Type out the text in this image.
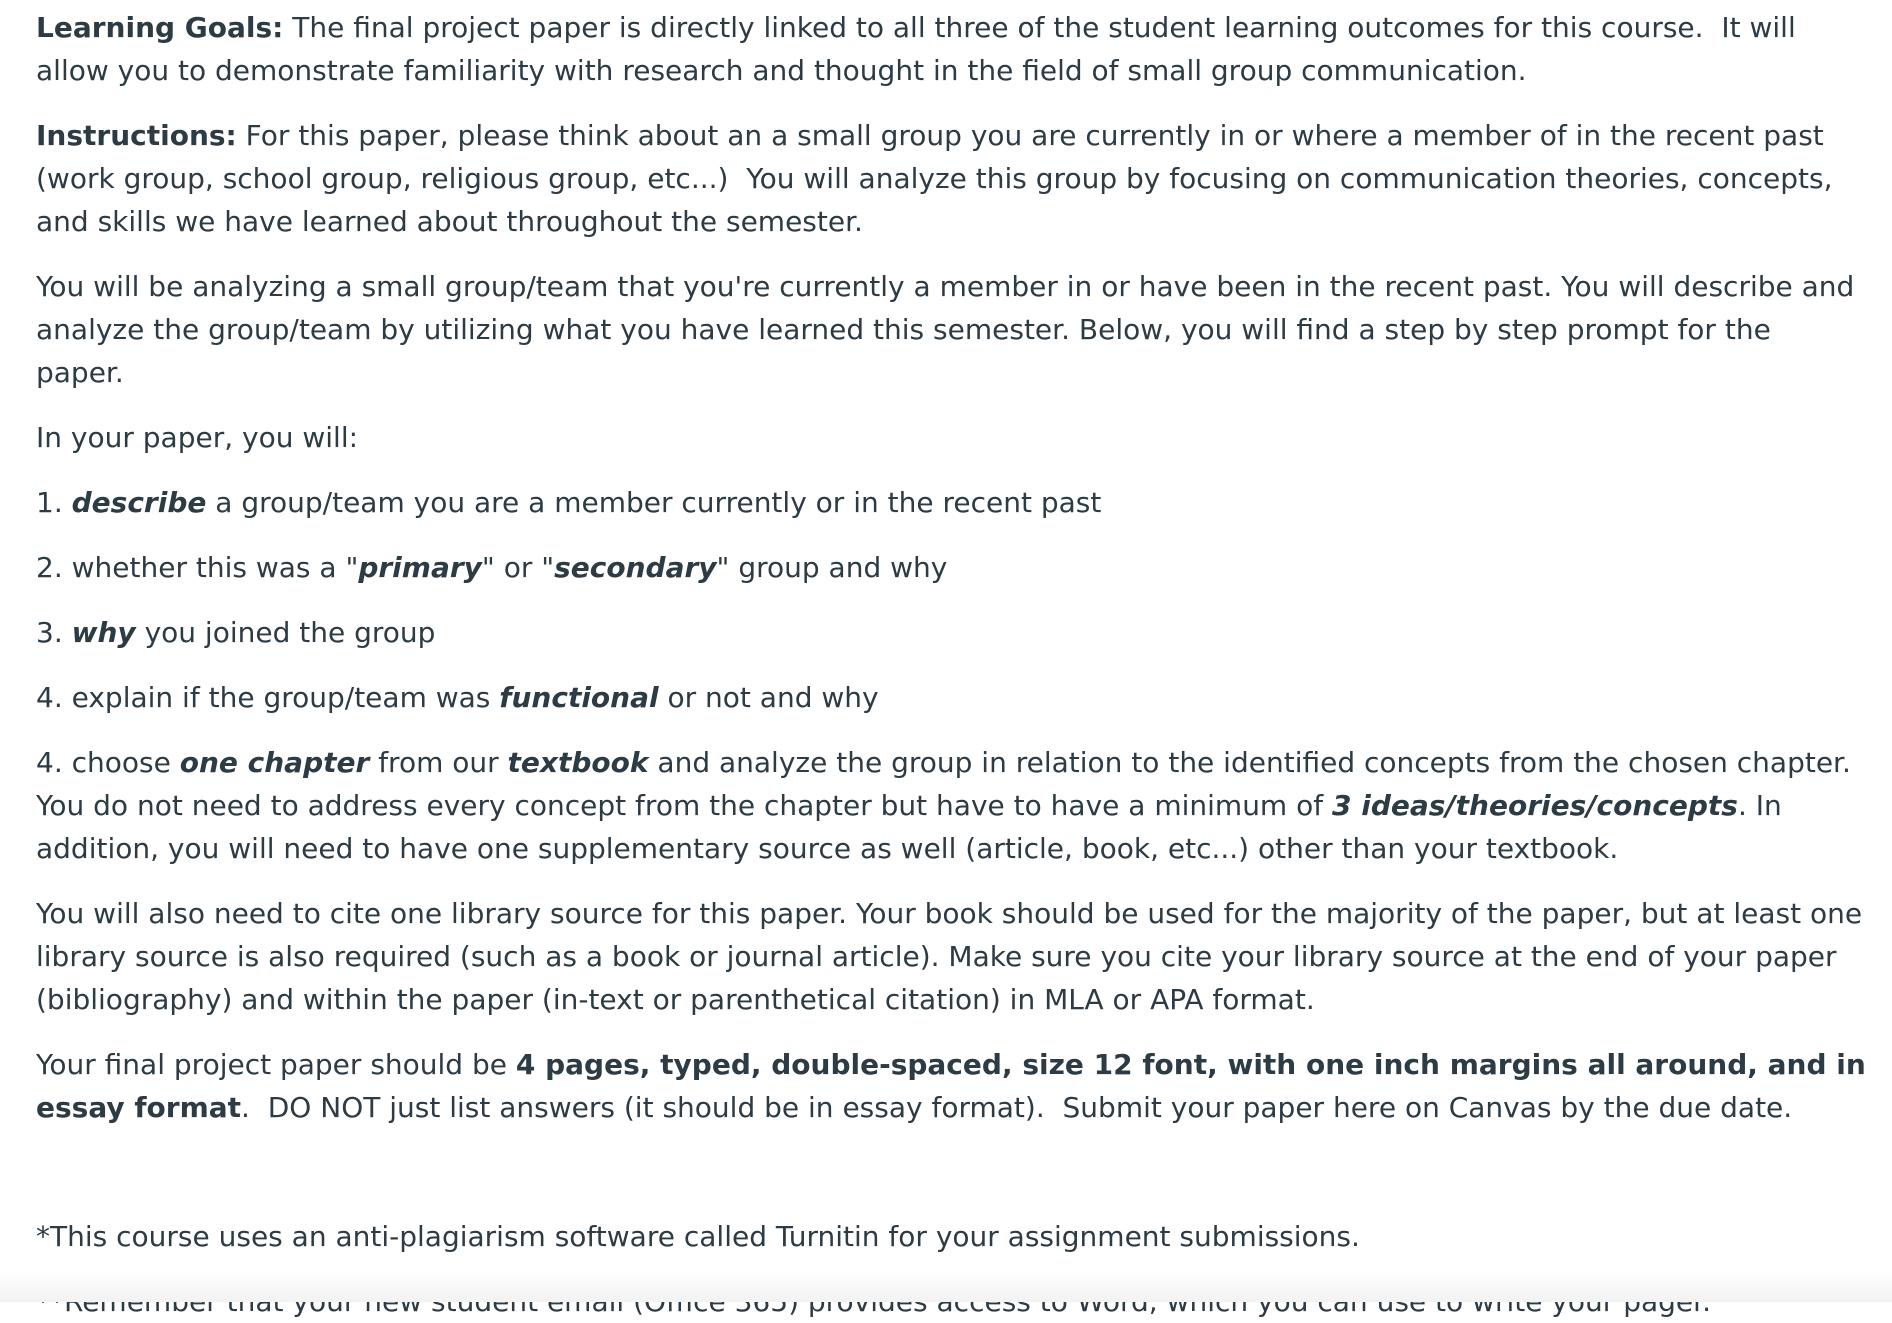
Learning Goals: The final project paper is directly linked to all three of the student learning outcomes for this course.  It will allow you to demonstrate familiarity with research and thought in the field of small group communication.

Instructions: For this paper, please think about an a small group you are currently in or where a member of in the recent past (work group, school group, religious group, etc...)  You will analyze this group by focusing on communication theories, concepts, and skills we have learned about throughout the semester.

You will be analyzing a small group/team that you're currently a member in or have been in the recent past. You will describe and analyze the group/team by utilizing what you have learned this semester. Below, you will find a step by step prompt for the paper.

In your paper, you will:

1. describe a group/team you are a member currently or in the recent past

2. whether this was a "primary" or "secondary" group and why

3. why you joined the group

4. explain if the group/team was functional or not and why

4. choose one chapter from our textbook and analyze the group in relation to the identified concepts from the chosen chapter. You do not need to address every concept from the chapter but have to have a minimum of 3 ideas/theories/concepts. In addition, you will need to have one supplementary source as well (article, book, etc...) other than your textbook.

You will also need to cite one library source for this paper. Your book should be used for the majority of the paper, but at least one library source is also required (such as a book or journal article). Make sure you cite your library source at the end of your paper (bibliography) and within the paper (in-text or parenthetical citation) in MLA or APA format.

Your final project paper should be 4 pages, typed, double-spaced, size 12 font, with one inch margins all around, and in essay format.  DO NOT just list answers (it should be in essay format).  Submit your paper here on Canvas by the due date.

*This course uses an anti-plagiarism software called Turnitin for your assignment submissions.
